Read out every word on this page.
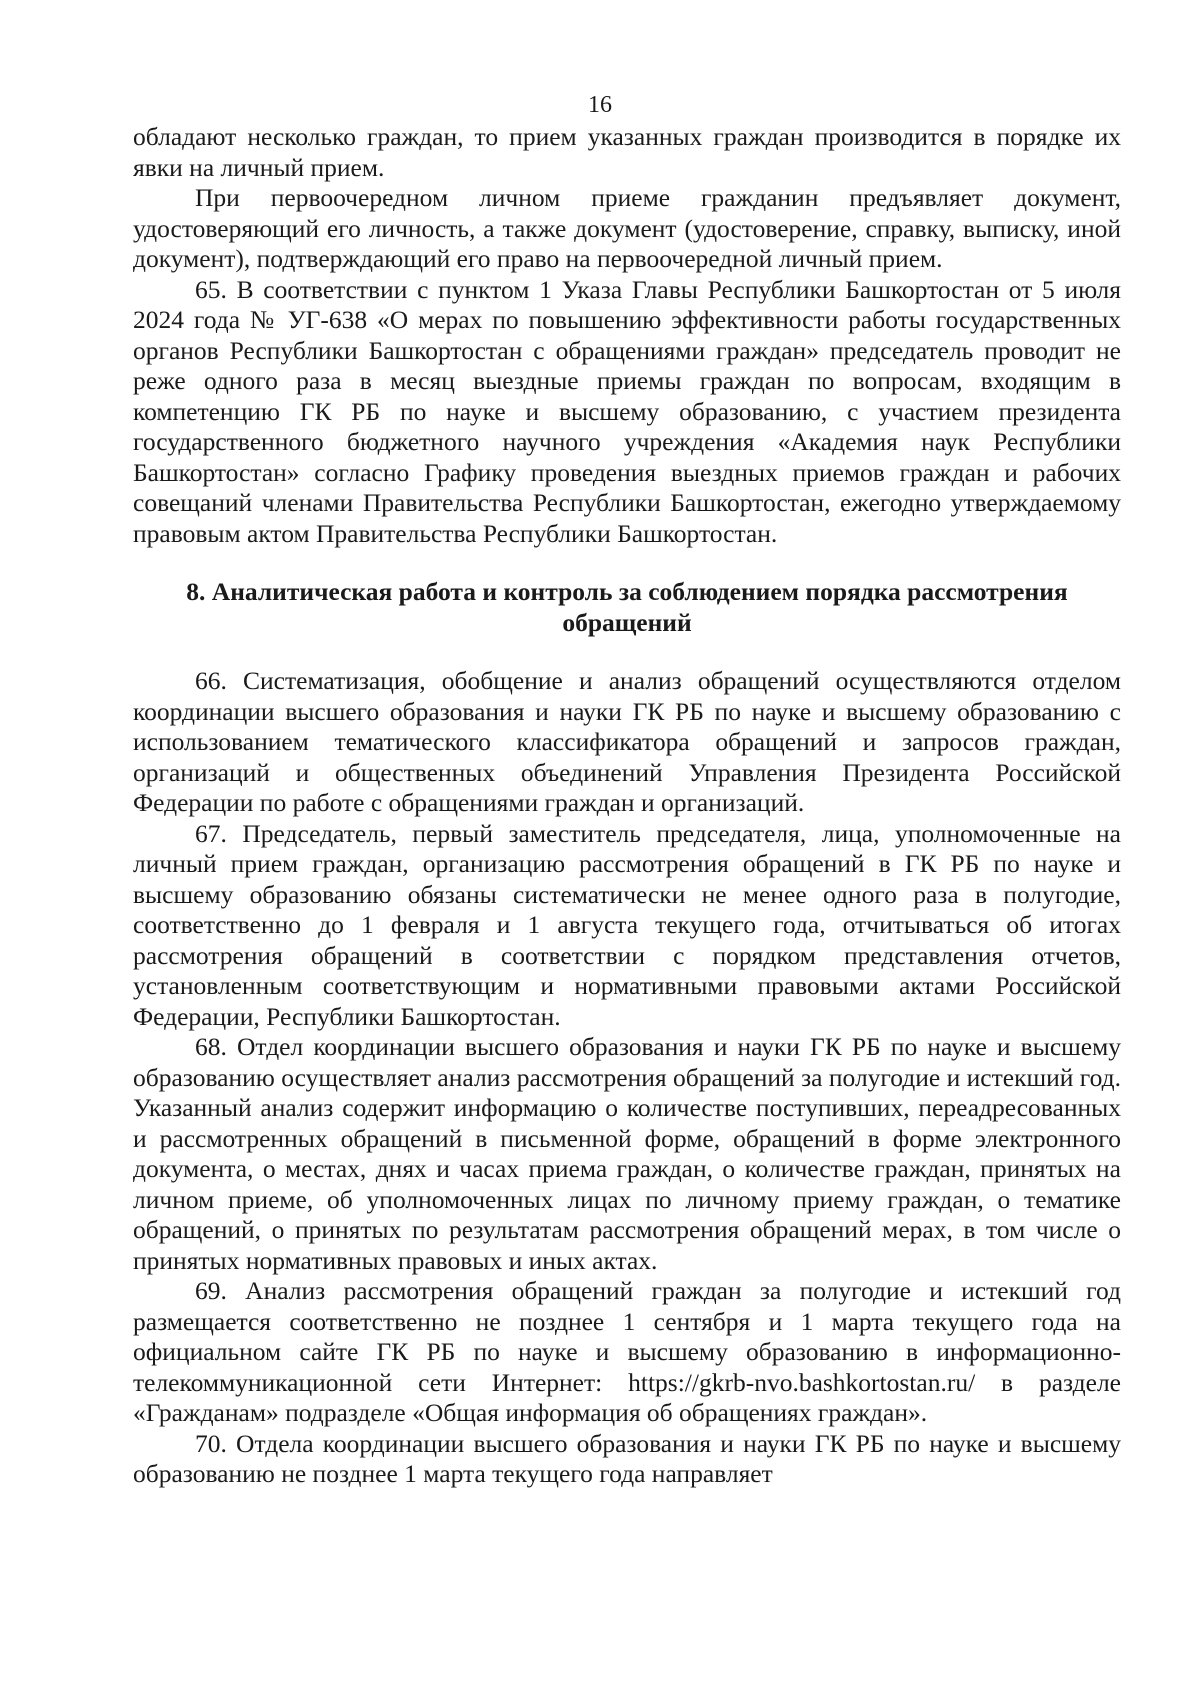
16

обладают несколько граждан, то прием указанных граждан производится в порядке их явки на личный прием.

При первоочередном личном приеме гражданин предъявляет документ, удостоверяющий его личность, а также документ (удостоверение, справку, выписку, иной документ), подтверждающий его право на первоочередной личный прием.

65. В соответствии с пунктом 1 Указа Главы Республики Башкортостан от 5 июля 2024 года № УГ-638 «О мерах по повышению эффективности работы государственных органов Республики Башкортостан с обращениями граждан» председатель проводит не реже одного раза в месяц выездные приемы граждан по вопросам, входящим в компетенцию ГК РБ по науке и высшему образованию, с участием президента государственного бюджетного научного учреждения «Академия наук Республики Башкортостан» согласно Графику проведения выездных приемов граждан и рабочих совещаний членами Правительства Республики Башкортостан, ежегодно утверждаемому правовым актом Правительства Республики Башкортостан.

8. Аналитическая работа и контроль за соблюдением порядка рассмотрения обращений

66. Систематизация, обобщение и анализ обращений осуществляются отделом координации высшего образования и науки ГК РБ по науке и высшему образованию с использованием тематического классификатора обращений и запросов граждан, организаций и общественных объединений Управления Президента Российской Федерации по работе с обращениями граждан и организаций.

67. Председатель, первый заместитель председателя, лица, уполномоченные на личный прием граждан, организацию рассмотрения обращений в ГК РБ по науке и высшему образованию обязаны систематически не менее одного раза в полугодие, соответственно до 1 февраля и 1 августа текущего года, отчитываться об итогах рассмотрения обращений в соответствии с порядком представления отчетов, установленным соответствующим и нормативными правовыми актами Российской Федерации, Республики Башкортостан.

68. Отдел координации высшего образования и науки ГК РБ по науке и высшему образованию осуществляет анализ рассмотрения обращений за полугодие и истекший год. Указанный анализ содержит информацию о количестве поступивших, переадресованных и рассмотренных обращений в письменной форме, обращений в форме электронного документа, о местах, днях и часах приема граждан, о количестве граждан, принятых на личном приеме, об уполномоченных лицах по личному приему граждан, о тематике обращений, о принятых по результатам рассмотрения обращений мерах, в том числе о принятых нормативных правовых и иных актах.

69. Анализ рассмотрения обращений граждан за полугодие и истекший год размещается соответственно не позднее 1 сентября и 1 марта текущего года на официальном сайте ГК РБ по науке и высшему образованию в информационно-телекоммуникационной сети Интернет: https://gkrb-nvo.bashkortostan.ru/ в разделе «Гражданам» подразделе «Общая информация об обращениях граждан».

70. Отдела координации высшего образования и науки ГК РБ по науке и высшему образованию не позднее 1 марта текущего года направляет
